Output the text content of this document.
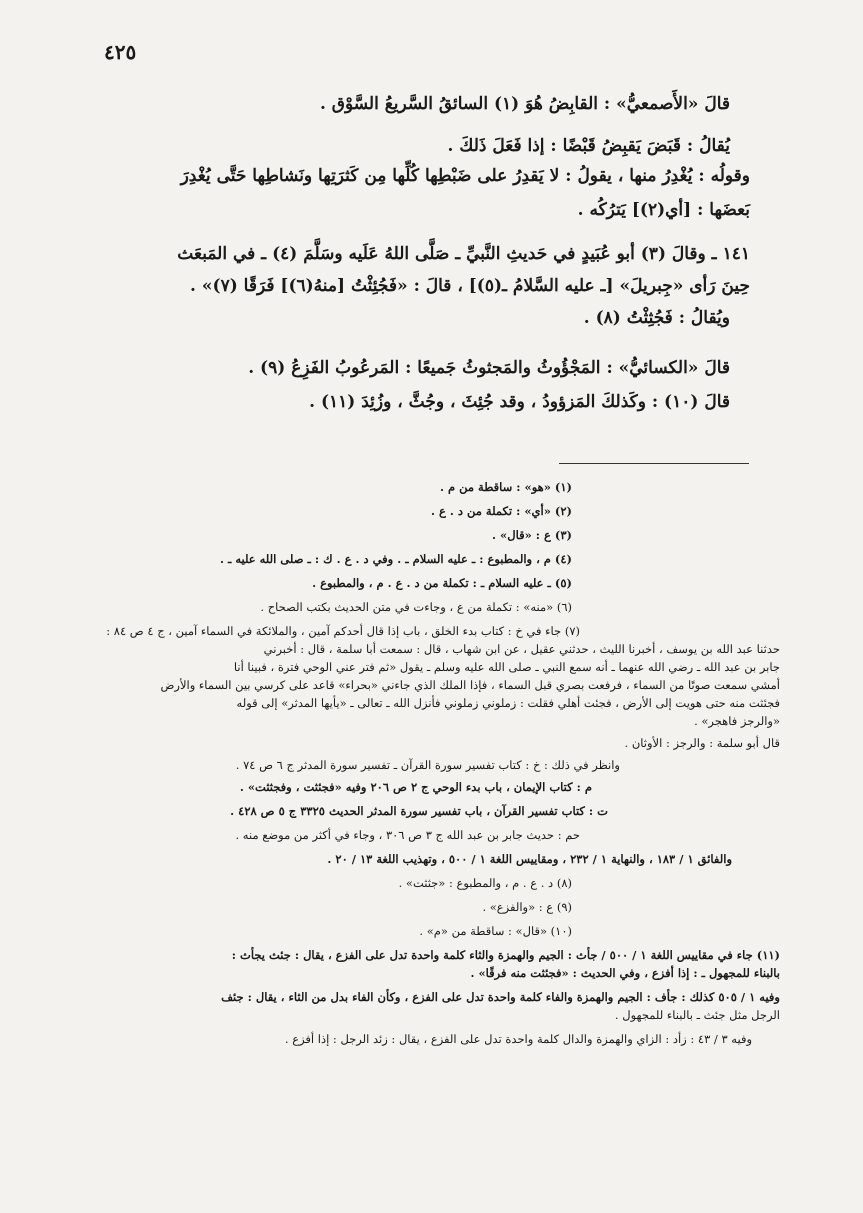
٤٢٥
قالَ «الأَصمعيُّ» : القابِضُ هُوَ (١) السائقُ السَّريعُ السَّوْق .
يُقالُ : قَبَضَ يَقبِضُ قَبْضًا : إذا فَعَلَ ذَلكَ .
وقولُه : يُغْدِرُ منها ، يقولُ : لا يَقدِرُ على ضَبْطِها كُلِّها مِن كَثرَتِها ونَشاطِها حَتَّى يُغْدِرَ
بَعضَها : [أي(٢)] يَترُكُه .
١٤١ ـ وقالَ (٣) أبو عُبَيدٍ في حَديثِ النَّبيِّ ـ صَلَّى اللهُ عَلَيه وسَلَّمَ (٤) ـ في المَبعَث
حِينَ رَأى «جِبريلَ» [ـ عليه السَّلامُ ـ(٥)] ، قالَ : «فَجُئِثْتُ [منهُ(٦)] فَرَقًا (٧)» .
ويُقالُ : فَجُثِثْتُ (٨) .
قالَ «الكسائيُّ» : المَجْؤُوثُ والمَجثوثُ جَميعًا : المَرعُوبُ الفَزِعُ (٩) .
قالَ (١٠) : وكَذلكَ المَزؤودُ ، وقد جُئِثَ ، وجُثَّ ، وزُئِدَ (١١) .
(١) «هو» : ساقطة من م .
(٢) «أي» : تكملة من د . ع .
(٣) ع : «قال» .
(٤) م ، والمطبوع : ـ عليه السلام ـ . وفي د . ع . ك : ـ صلى الله عليه ـ .
(٥) ـ عليه السلام ـ : تكملة من د . ع . م ، والمطبوع .
(٦) «منه» : تكملة من ع ، وجاءت في متن الحديث بكتب الصحاح .
(٧) جاء في خ : كتاب بدء الخلق ، باب إذا قال أحدكم آمين ، والملائكة في السماء آمين ، ج ٤ ص ٨٤ :
حدثنا عبد الله بن يوسف ، أخبرنا الليث ، حدثني عقيل ، عن ابن شهاب ، قال : سمعت أبا سلمة ، قال : أخبرني
جابر بن عبد الله ـ رضي الله عنهما ـ أنه سمع النبي ـ صلى الله عليه وسلم ـ يقول «ثم فتر عني الوحي فترة ، فبينا أنا
أمشي سمعت صوتًا من السماء ، فرفعت بصري قبل السماء ، فإذا الملك الذي جاءني «بحراء» قاعد على كرسي بين السماء والأرض
فجئثت منه حتى هويت إلى الأرض ، فجئت أهلي فقلت : زملوني زملوني فأنزل الله ـ تعالى ـ «يأيها المدثر» إلى قوله
«والرجز فاهجر» .
قال أبو سلمة : والرجز : الأوثان .
وانظر في ذلك : خ : كتاب تفسير سورة القرآن ـ تفسير سورة المدثر ج ٦ ص ٧٤ .
م : كتاب الإيمان ، باب بدء الوحي ج ٢ ص ٢٠٦ وفيه «فجئثت ، وفجثثت» .
ت : كتاب تفسير القرآن ، باب تفسير سورة المدثر الحديث ٣٣٢٥ ج ٥ ص ٤٢٨ .
حم : حديث جابر بن عبد الله ج ٣ ص ٣٠٦ ، وجاء في أكثر من موضع منه .
والفائق ١ / ١٨٣ ، والنهاية ١ / ٢٣٢ ، ومقاييس اللغة ١ / ٥٠٠ ، وتهذيب اللغة ١٣ / ٢٠ .
(٨) د . ع . م ، والمطبوع : «جثثت» .
(٩) ع : «والفزع» .
(١٠) «قال» : ساقطة من «م» .
(١١) جاء في مقاييس اللغة ١ / ٥٠٠ / جأث : الجيم والهمزة والثاء كلمة واحدة تدل على الفزع ، يقال : جئث يجأث :
بالبناء للمجهول ـ : إذا أفزع ، وفي الحديث : «فجئثت منه فرقًا» .
وفيه ١ / ٥٠٥ كذلك : جأف : الجيم والهمزة والفاء كلمة واحدة تدل على الفزع ، وكأن الفاء بدل من الثاء ، يقال : جئف
الرجل مثل جئث ـ بالبناء للمجهول .
وفيه ٣ / ٤٣ : زأد : الزاي والهمزة والدال كلمة واحدة تدل على الفزع ، يقال : زئد الرجل : إذا أفزع .
